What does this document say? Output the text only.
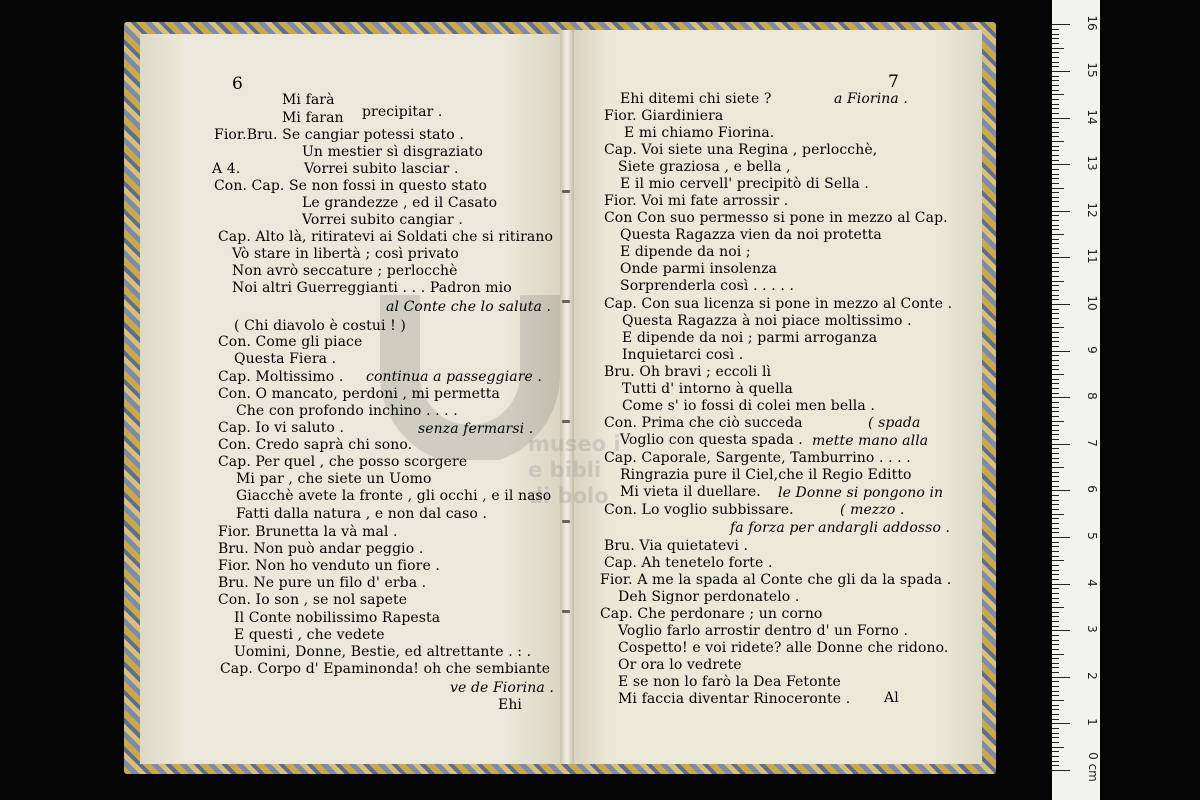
museo i
e bibli
di bolo
6	7
Mi farà
Mi faran precipitar .
Fior.Bru. Se cangiar potessi stato .
Un mestier sì disgraziato
A 4.	Vorrei subito lasciar .
Con. Cap. Se non fossi in questo stato
Le grandezze , ed il Casato
Vorrei subito cangiar .
Cap. Alto là, ritiratevi ai Soldati che si ritirano
Vò stare in libertà ; così privato
Non avrò seccature ; perlocchè
Noi altri Guerreggianti . . . Padron mio
al Conte che lo saluta .
( Chi diavolo è costui ! )
Con. Come gli piace
Questa Fiera .
Cap. Moltissimo . continua a passeggiare .
Con. O mancato, perdoni , mi permetta
Che con profondo inchino . . . .
Cap. Io vi saluto .	senza fermarsi .
Con. Credo saprà chi sono.
Cap. Per quel , che posso scorgere
Mi par , che siete un Uomo
Giacchè avete la fronte , gli occhi , e il naso
Fatti dalla natura , e non dal caso .
Fior. Brunetta la và mal .
Bru. Non può andar peggio .
Fior. Non ho venduto un fiore .
Bru. Ne pure un filo d' erba .
Con. Io son , se nol sapete
Il Conte nobilissimo Rapesta
E questi , che vedete
Uomini, Donne, Bestie, ed altrettante . : .
Cap. Corpo d' Epaminonda! oh che sembiante
ve de Fiorina .
Ehi
Ehi ditemi chi siete ?	a Fiorina .
Fior. Giardiniera
E mi chiamo Fiorina.
Cap. Voi siete una Regina , perlocchè,
Siete graziosa , e bella ,
E il mio cervell' precipitò di Sella .
Fior. Voi mi fate arrossir .
Con Con suo permesso si pone in mezzo al Cap.
Questa Ragazza vien da noi protetta
E dipende da noi ;
Onde parmi insolenza
Sorprenderla così . . . . .
Cap. Con sua licenza si pone in mezzo al Conte .
Questa Ragazza à noi piace moltissimo .
E dipende da noi ; parmi arroganza
Inquietarci così .
Bru. Oh bravi ; eccoli lì
Tutti d' intorno à quella
Come s' io fossi di colei men bella .
Con. Prima che ciò succeda	( spada
Voglio con questa spada . mette mano alla
Cap. Caporale, Sargente, Tamburrino . . . .
Ringrazia pure il Ciel,che il Regio Editto
Mi vieta il duellare. le Donne si pongono in
Con. Lo voglio subbissare.	( mezzo .
fa forza per andargli addosso .
Bru. Via quietatevi .
Cap. Ah tenetelo forte .
Fior. A me la spada al Conte che gli da la spada .
Deh Signor perdonatelo .
Cap. Che perdonare ; un corno
Voglio farlo arrostir dentro d' un Forno .
Cospetto! e voi ridete? alle Donne che ridono.
Or ora lo vedrete
E se non lo farò la Dea Fetonte
Mi faccia diventar Rinoceronte . Al
1
2
3
4
5
6
7
8
9
10
11
12
13
14
15
16
0 cm
